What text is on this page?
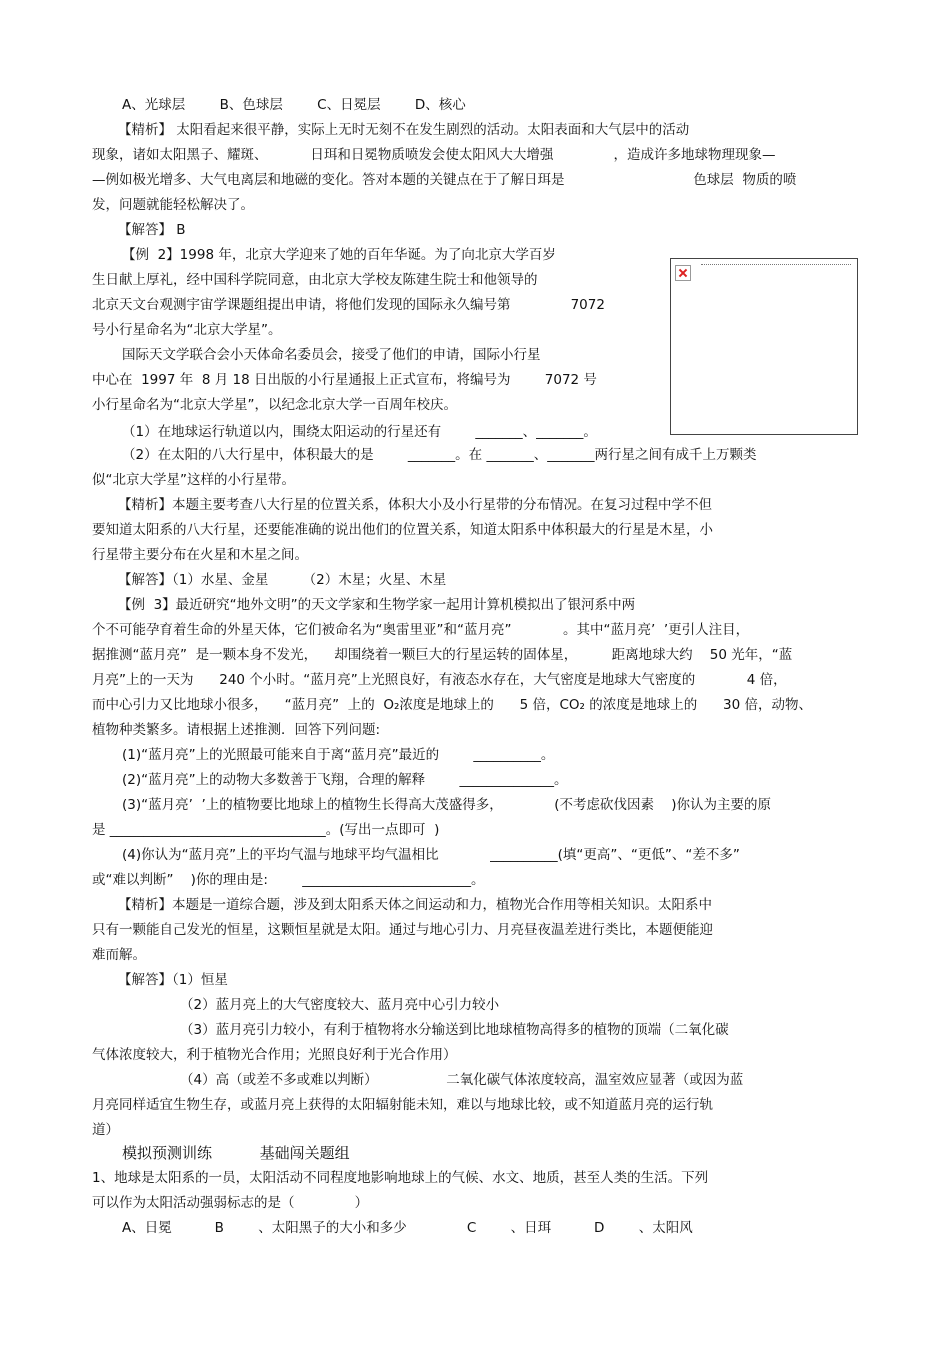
A、光球层        B、色球层        C、日冕层        D、核心
【精析】 太阳看起来很平静，实际上无时无刻不在发生剧烈的活动。太阳表面和大气层中的活动
现象，诸如太阳黑子、耀斑、          日珥和日冕物质喷发会使太阳风大大增强              ，造成许多地球物理现象—
—例如极光增多、大气电离层和地磁的变化。答对本题的关键点在于了解日珥是                              色球层  物质的喷
发，问题就能轻松解决了。
【解答】 B
【例  2】1998 年，北京大学迎来了她的百年华诞。为了向北京大学百岁
生日献上厚礼，经中国科学院同意，由北京大学校友陈建生院士和他领导的
北京天文台观测宇宙学课题组提出申请，将他们发现的国际永久编号第              7072
号小行星命名为“北京大学星”。
国际天文学联合会小天体命名委员会，接受了他们的申请，国际小行星
中心在  1997 年  8 月 18 日出版的小行星通报上正式宣布，将编号为        7072 号
小行星命名为“北京大学星”，以纪念北京大学一百周年校庆。
（1）在地球运行轨道以内，围绕太阳运动的行星还有        _______、_______。
（2）在太阳的八大行星中，体积最大的是        _______。在 _______、_______两行星之间有成千上万颗类
似“北京大学星”这样的小行星带。
【精析】本题主要考查八大行星的位置关系，体积大小及小行星带的分布情况。在复习过程中学不但
要知道太阳系的八大行星，还要能准确的说出他们的位置关系，知道太阳系中体积最大的行星是木星，小
行星带主要分布在火星和木星之间。
【解答】（1）水星、金星        （2）木星；火星、木星
【例  3】最近研究“地外文明”的天文学家和生物学家一起用计算机模拟出了银河系中两
个不可能孕育着生命的外星天体，它们被命名为“奥雷里亚”和“蓝月亮”            。其中“蓝月亮’  ’更引人注目，
据推测“蓝月亮”  是一颗本身不发光，    却围绕着一颗巨大的行星运转的固体星，        距离地球大约    50 光年，“蓝
月亮”上的一天为      240 个小时。“蓝月亮”上光照良好，有液态水存在，大气密度是地球大气密度的            4 倍，
而中心引力又比地球小很多，    “蓝月亮”  上的  O₂浓度是地球上的      5 倍，CO₂ 的浓度是地球上的      30 倍，动物、
植物种类繁多。请根据上述推测．回答下列问题:
(1)“蓝月亮”上的光照最可能来自于离“蓝月亮”最近的        __________。
(2)“蓝月亮”上的动物大多数善于飞翔，合理的解释        ______________。
(3)“蓝月亮’  ’上的植物要比地球上的植物生长得高大茂盛得多，            (不考虑砍伐因素    )你认为主要的原
是 ________________________________。(写出一点即可  )
(4)你认为“蓝月亮”上的平均气温与地球平均气温相比            __________(填“更高”、“更低”、“差不多”
或“难以判断”    )你的理由是:        _________________________。
【精析】本题是一道综合题，涉及到太阳系天体之间运动和力，植物光合作用等相关知识。太阳系中
只有一颗能自己发光的恒星，这颗恒星就是太阳。通过与地心引力、月亮昼夜温差进行类比，本题便能迎
难而解。
【解答】（1）恒星
（2）蓝月亮上的大气密度较大、蓝月亮中心引力较小
（3）蓝月亮引力较小，有利于植物将水分输送到比地球植物高得多的植物的顶端（二氧化碳
气体浓度较大，利于植物光合作用；光照良好利于光合作用）
（4）高（或差不多或难以判断）                二氧化碳气体浓度较高，温室效应显著（或因为蓝
月亮同样适宜生物生存，或蓝月亮上获得的太阳辐射能未知，难以与地球比较，或不知道蓝月亮的运行轨
道）
模拟预测训练          基础闯关题组
1、地球是太阳系的一员，太阳活动不同程度地影响地球上的气候、水文、地质，甚至人类的生活。下列
可以作为太阳活动强弱标志的是（              ）
A、日冕          B        、太阳黑子的大小和多少              C        、日珥          D        、太阳风
